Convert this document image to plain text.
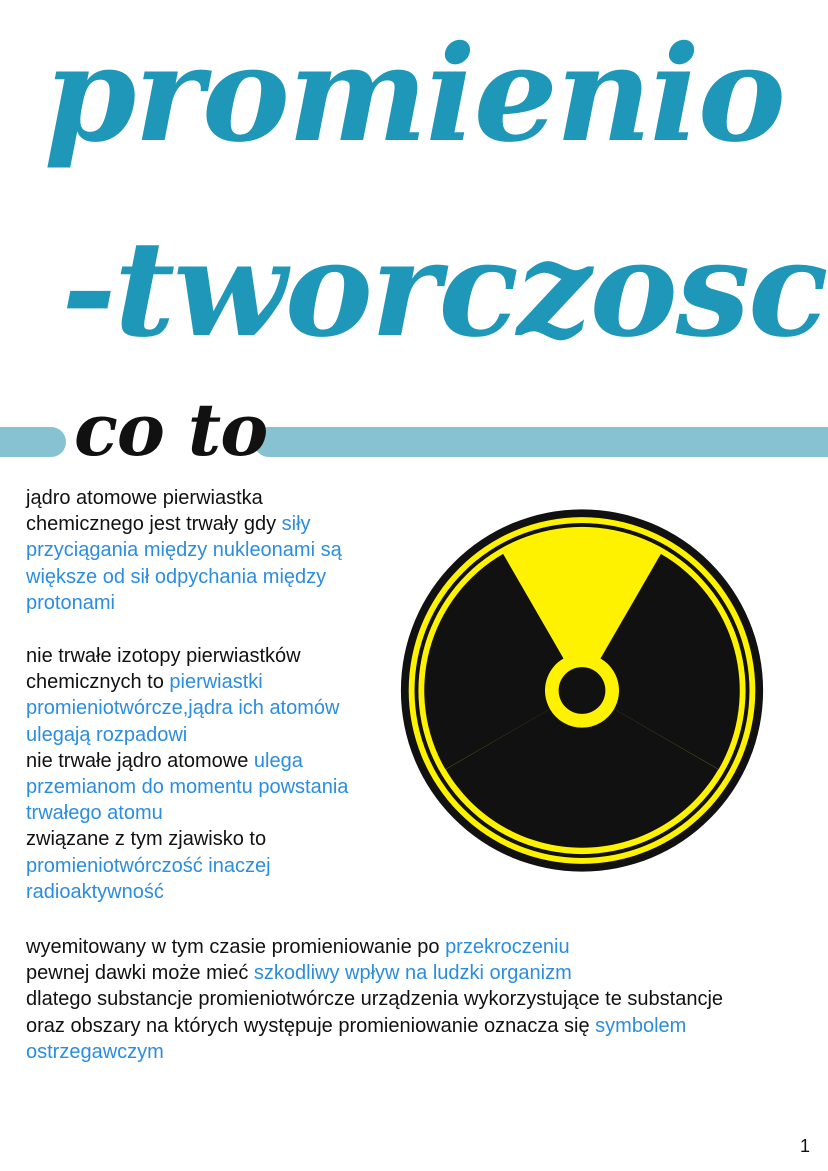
promienio
-tworczosc
co to

jądro atomowe pierwiastka chemicznego jest trwały gdy siły przyciągania między nukleonami są większe od sił odpychania między protonami

nie trwałe izotopy pierwiastków chemicznych to pierwiastki promieniotwórcze,jądra ich atomów ulegają rozpadowi
nie trwałe jądro atomowe ulega przemianom do momentu powstania trwałego atomu
związane z tym zjawisko to promieniotwórczość inaczej radioaktywność

wyemitowany w tym czasie promieniowanie po przekroczeniu
pewnej dawki może mieć szkodliwy wpływ na ludzki organizm
dlatego substancje promieniotwórcze urządzenia wykorzystujące te substancje oraz obszary na których występuje promieniowanie oznacza się symbolem ostrzegawczym

1
